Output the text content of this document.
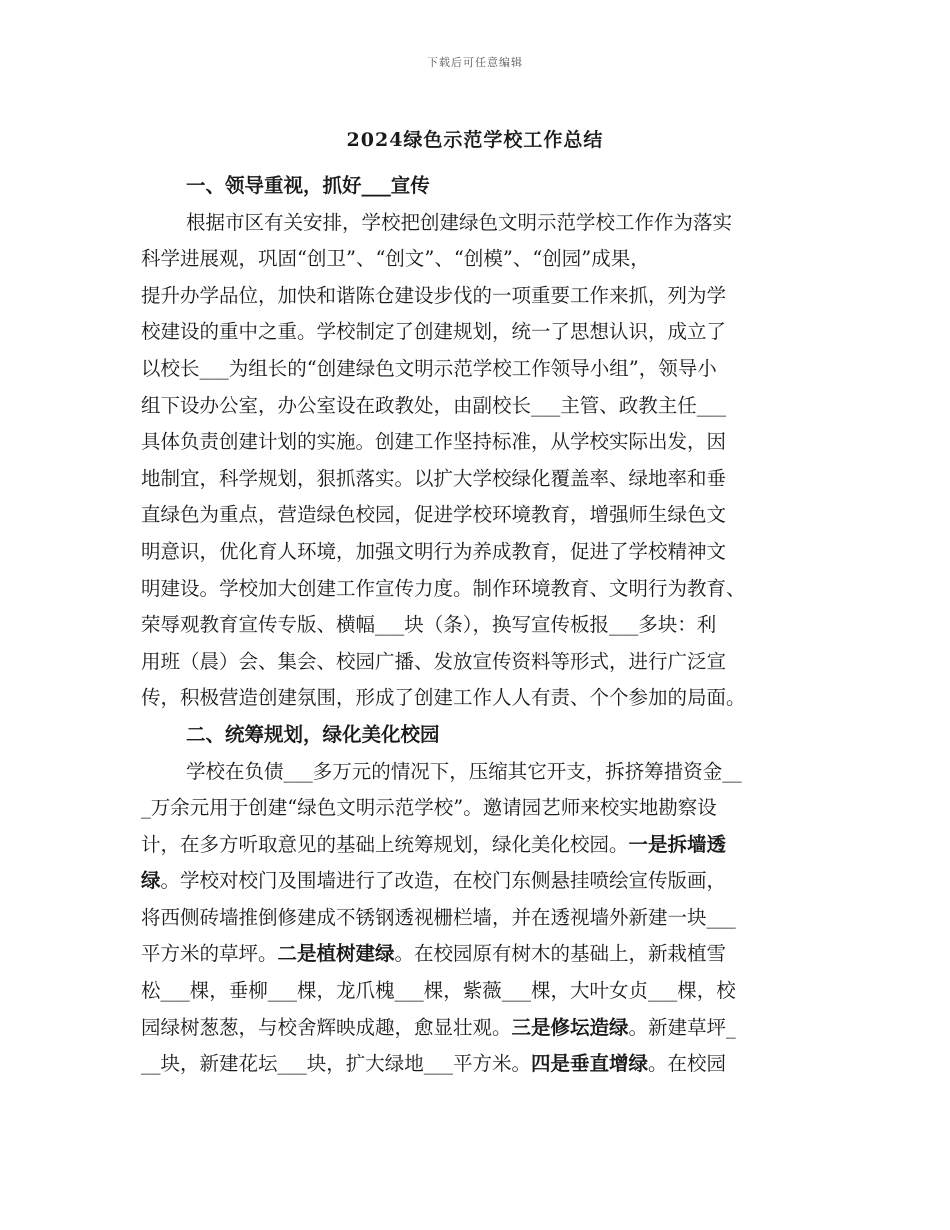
下载后可任意编辑
2024绿色示范学校工作总结
一、领导重视，抓好___宣传
根据市区有关安排，学校把创建绿色文明示范学校工作作为落实
科学进展观，巩固“创卫”、“创文”、“创模”、“创园”成果，
提升办学品位，加快和谐陈仓建设步伐的一项重要工作来抓，列为学
校建设的重中之重。学校制定了创建规划，统一了思想认识，成立了
以校长___为组长的“创建绿色文明示范学校工作领导小组”，领导小
组下设办公室，办公室设在政教处，由副校长___主管、政教主任___
具体负责创建计划的实施。创建工作坚持标准，从学校实际出发，因
地制宜，科学规划，狠抓落实。以扩大学校绿化覆盖率、绿地率和垂
直绿色为重点，营造绿色校园，促进学校环境教育，增强师生绿色文
明意识，优化育人环境，加强文明行为养成教育，促进了学校精神文
明建设。学校加大创建工作宣传力度。制作环境教育、文明行为教育、
荣辱观教育宣传专版、横幅___块（条），换写宣传板报___多块：利
用班（晨）会、集会、校园广播、发放宣传资料等形式，进行广泛宣
传，积极营造创建氛围，形成了创建工作人人有责、个个参加的局面。
二、统筹规划，绿化美化校园
学校在负债___多万元的情况下，压缩其它开支，拆挤筹措资金__
_万余元用于创建“绿色文明示范学校”。邀请园艺师来校实地勘察设
计，在多方听取意见的基础上统筹规划，绿化美化校园。一是拆墙透
绿。学校对校门及围墙进行了改造，在校门东侧悬挂喷绘宣传版画，
将西侧砖墙推倒修建成不锈钢透视栅栏墙，并在透视墙外新建一块___
平方米的草坪。二是植树建绿。在校园原有树木的基础上，新栽植雪
松___棵，垂柳___棵，龙爪槐___棵，紫薇___棵，大叶女贞___棵，校
园绿树葱葱，与校舍辉映成趣，愈显壮观。三是修坛造绿。新建草坪_
__块，新建花坛___块，扩大绿地___平方米。四是垂直增绿。在校园
